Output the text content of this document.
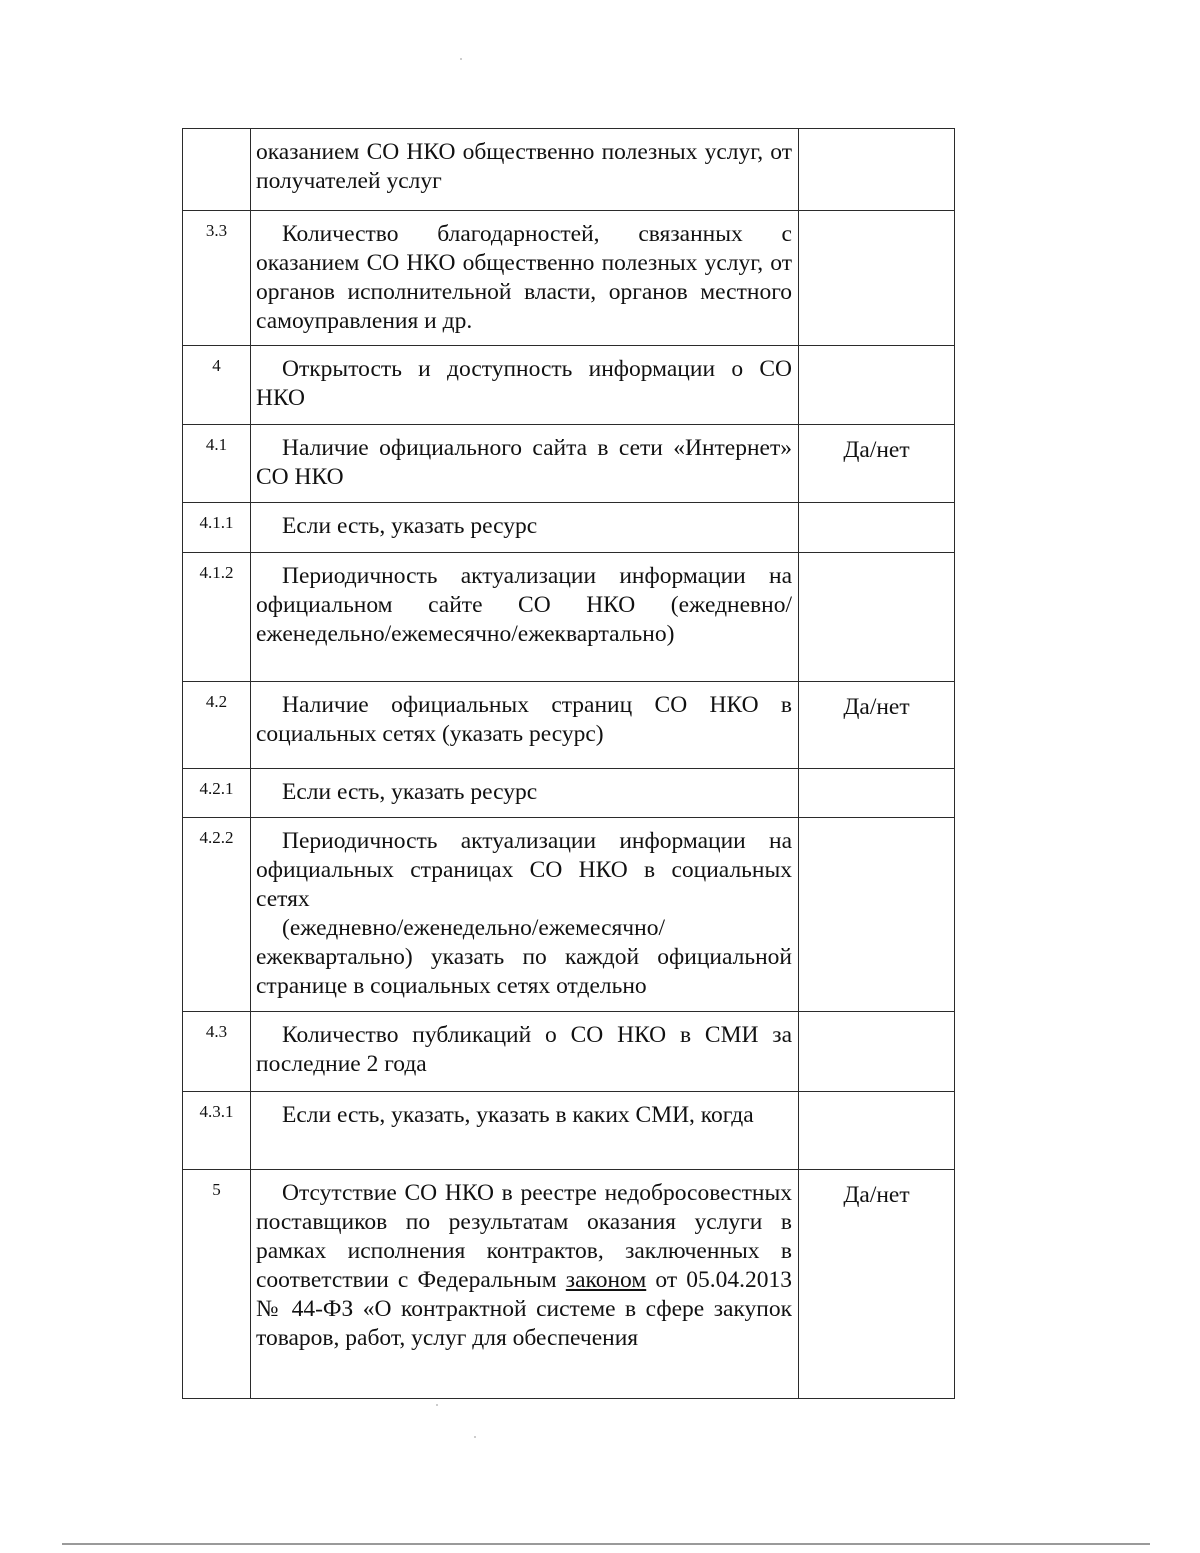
	оказанием СО НКО общественно полезных услуг, от получателей услуг	
3.3	Количество благодарностей, связанных с оказанием СО НКО общественно полезных услуг, от органов исполнительной власти, органов местного самоуправления и др.	
4	Открытость и доступность информации о СО НКО	
4.1	Наличие официального сайта в сети «Интернет» СО НКО	Да/нет
4.1.1	Если есть, указать ресурс	
4.1.2	Периодичность актуализации информации на официальном сайте СО НКО (ежедневно/еженедельно/ежемесячно/ежеквартально)	
4.2	Наличие официальных страниц СО НКО в социальных сетях (указать ресурс)	Да/нет
4.2.1	Если есть, указать ресурс	
4.2.2	Периодичность актуализации информации на официальных страницах СО НКО в социальных сетях
(ежедневно/еженедельно/ежемесячно/ежеквартально) указать по каждой официальной странице в социальных сетях отдельно	

4.3	Количество публикаций о СО НКО в СМИ за последние 2 года	
4.3.1	Если есть, указать, указать в каких СМИ, когда	
5	Отсутствие СО НКО в реестре недобросовестных поставщиков по результатам оказания услуги в рамках исполнения контрактов, заключенных в соответствии с Федеральным законом от 05.04.2013 № 44-ФЗ «О контрактной системе в сфере закупок товаров, работ, услуг для обеспечения	Да/нет
